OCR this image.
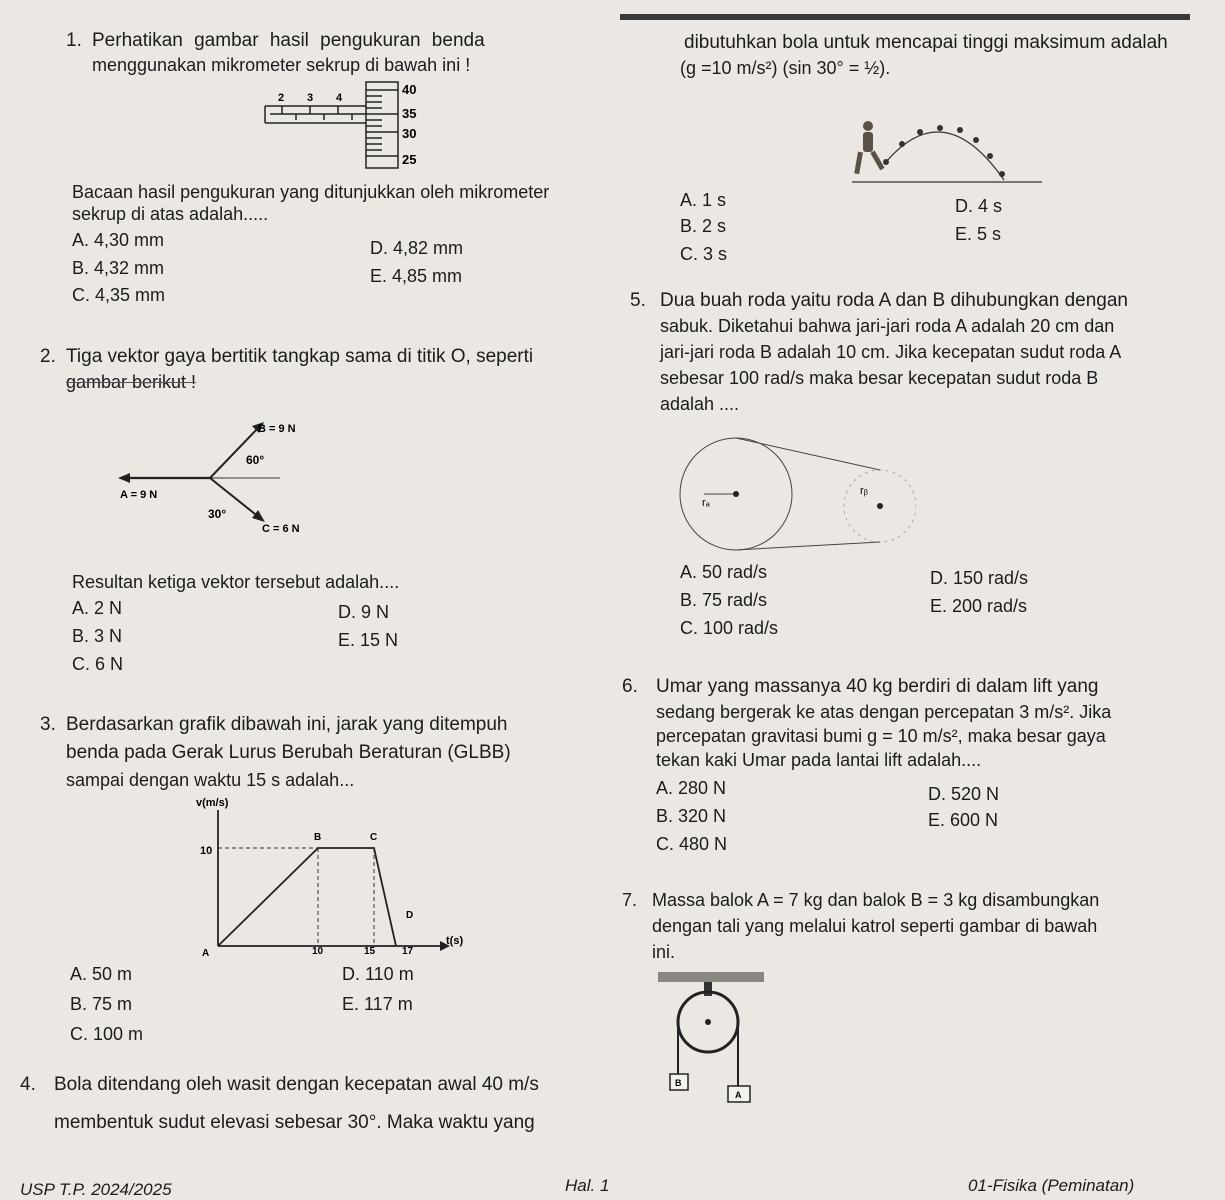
1. Perhatikan gambar hasil pengukuran benda
menggunakan mikrometer sekrup di bawah ini !
2 3 4
40
35
30
25
Bacaan hasil pengukuran yang ditunjukkan oleh mikrometer
sekrup di atas adalah.....
A. 4,30 mm
B. 4,32 mm
C. 4,35 mm
D. 4,82 mm
E. 4,85 mm
2. Tiga vektor gaya bertitik tangkap sama di titik O, seperti
gambar berikut !
B = 9 N
A = 9 N
C = 6 N
60°
30°
Resultan ketiga vektor tersebut adalah....
A. 2 N
B. 3 N
C. 6 N
D. 9 N
E. 15 N
3. Berdasarkan grafik dibawah ini, jarak yang ditempuh
benda pada Gerak Lurus Berubah Beraturan (GLBB)
sampai dengan waktu 15 s adalah...
v(m/s)
t(s)
10
10	15	17
A
B	C
D
A. 50 m
B. 75 m
C. 100 m
D. 110 m
E. 117 m
4. Bola ditendang oleh wasit dengan kecepatan awal 40 m/s
membentuk sudut elevasi sebesar 30°. Maka waktu yang
dibutuhkan bola untuk mencapai tinggi maksimum adalah
(g =10 m/s²) (sin 30° = ½).
A. 1 s
B. 2 s
C. 3 s
D. 4 s
E. 5 s
5. Dua buah roda yaitu roda A dan B dihubungkan dengan
sabuk. Diketahui bahwa jari-jari roda A adalah 20 cm dan
jari-jari roda B adalah 10 cm. Jika kecepatan sudut roda A
sebesar 100 rad/s maka besar kecepatan sudut roda B
adalah ....
rₐ
rᵦ
A. 50 rad/s
B. 75 rad/s
C. 100 rad/s
D. 150 rad/s
E. 200 rad/s
6. Umar yang massanya 40 kg berdiri di dalam lift yang
sedang bergerak ke atas dengan percepatan 3 m/s². Jika
percepatan gravitasi bumi g = 10 m/s², maka besar gaya
tekan kaki Umar pada lantai lift adalah....
A. 280 N
B. 320 N
C. 480 N
D. 520 N
E. 600 N
7. Massa balok A = 7 kg dan balok B = 3 kg disambungkan
dengan tali yang melalui katrol seperti gambar di bawah
ini.
B
A
USP T.P. 2024/2025	Hal. 1	01-Fisika (Peminatan)
